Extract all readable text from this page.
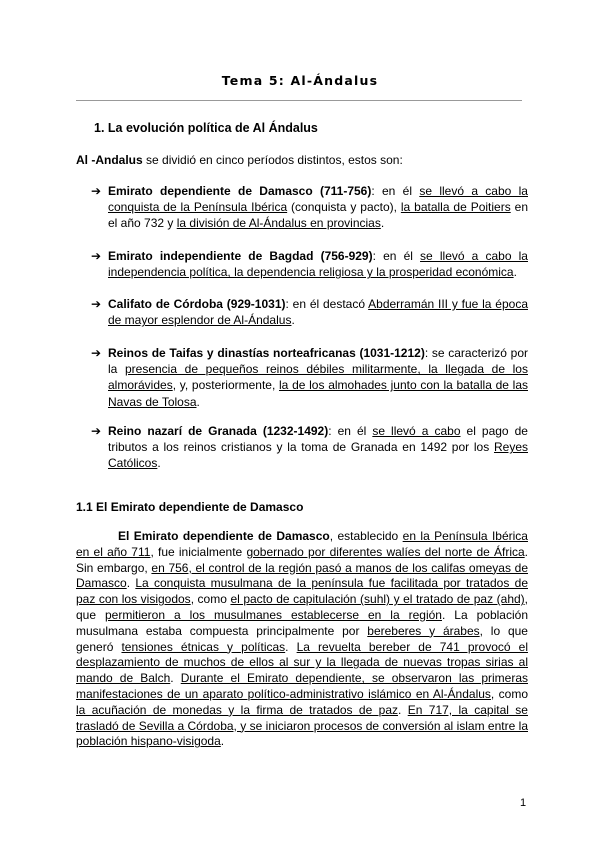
Tema 5: Al-Ándalus
1. La evolución política de Al Ándalus
Al -Andalus se dividió en cinco períodos distintos, estos son:
➔ Emirato dependiente de Damasco (711-756): en él se llevó a cabo la conquista de la Península Ibérica (conquista y pacto), la batalla de Poitiers en el año 732 y la división de Al-Ándalus en provincias.
➔ Emirato independiente de Bagdad (756-929): en él se llevó a cabo la independencia política, la dependencia religiosa y la prosperidad económica.
➔ Califato de Córdoba (929-1031): en él destacó Abderramán III y fue la época de mayor esplendor de Al-Ándalus.
➔ Reinos de Taifas y dinastías norteafricanas (1031-1212): se caracterizó por la presencia de pequeños reinos débiles militarmente, la llegada de los almorávides, y, posteriormente, la de los almohades junto con la batalla de las Navas de Tolosa.
➔ Reino nazarí de Granada (1232-1492): en él se llevó a cabo el pago de tributos a los reinos cristianos y la toma de Granada en 1492 por los Reyes Católicos.
1.1 El Emirato dependiente de Damasco
El Emirato dependiente de Damasco, establecido en la Península Ibérica en el año 711, fue inicialmente gobernado por diferentes walíes del norte de África. Sin embargo, en 756, el control de la región pasó a manos de los califas omeyas de Damasco. La conquista musulmana de la península fue facilitada por tratados de paz con los visigodos, como el pacto de capitulación (suhl) y el tratado de paz (ahd), que permitieron a los musulmanes establecerse en la región. La población musulmana estaba compuesta principalmente por bereberes y árabes, lo que generó tensiones étnicas y políticas. La revuelta bereber de 741 provocó el desplazamiento de muchos de ellos al sur y la llegada de nuevas tropas sirias al mando de Balch. Durante el Emirato dependiente, se observaron las primeras manifestaciones de un aparato político-administrativo islámico en Al-Ándalus, como la acuñación de monedas y la firma de tratados de paz. En 717, la capital se trasladó de Sevilla a Córdoba, y se iniciaron procesos de conversión al islam entre la población hispano-visigoda.
1
